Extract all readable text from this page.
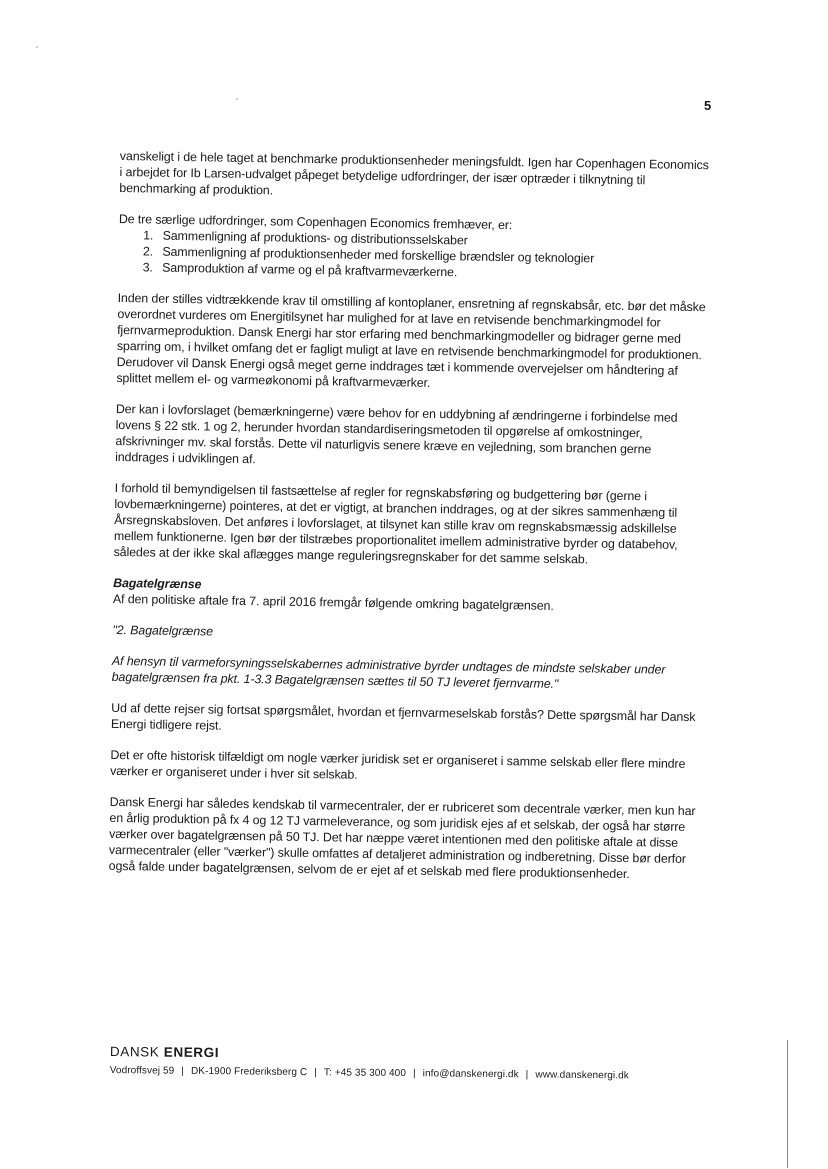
5

vanskeligt i de hele taget at benchmarke produktionsenheder meningsfuldt. Igen har Copenhagen Economics i arbejdet for Ib Larsen-udvalget påpeget betydelige udfordringer, der især optræder i tilknytning til benchmarking af produktion.

De tre særlige udfordringer, som Copenhagen Economics fremhæver, er:

1. Sammenligning af produktions- og distributionsselskaber
2. Sammenligning af produktionsenheder med forskellige brændsler og teknologier
3. Samproduktion af varme og el på kraftvarmeværkerne.

Inden der stilles vidtrækkende krav til omstilling af kontoplaner, ensretning af regnskabsår, etc. bør det måske overordnet vurderes om Energitilsynet har mulighed for at lave en retvisende benchmarkingmodel for fjernvarmeproduktion. Dansk Energi har stor erfaring med benchmarkingmodeller og bidrager gerne med sparring om, i hvilket omfang det er fagligt muligt at lave en retvisende benchmarkingmodel for produktionen. Derudover vil Dansk Energi også meget gerne inddrages tæt i kommende overvejelser om håndtering af splittet mellem el- og varmeøkonomi på kraftvarmeværker.

Der kan i lovforslaget (bemærkningerne) være behov for en uddybning af ændringerne i forbindelse med lovens § 22 stk. 1 og 2, herunder hvordan standardiseringsmetoden til opgørelse af omkostninger, afskrivninger mv. skal forstås. Dette vil naturligvis senere kræve en vejledning, som branchen gerne inddrages i udviklingen af.

I forhold til bemyndigelsen til fastsættelse af regler for regnskabsføring og budgettering bør (gerne i lovbemærkningerne) pointeres, at det er vigtigt, at branchen inddrages, og at der sikres sammenhæng til Årsregnskabsloven. Det anføres i lovforslaget, at tilsynet kan stille krav om regnskabsmæssig adskillelse mellem funktionerne. Igen bør der tilstræbes proportionalitet imellem administrative byrder og databehov, således at der ikke skal aflægges mange reguleringsregnskaber for det samme selskab.

Bagatelgrænse

Af den politiske aftale fra 7. april 2016 fremgår følgende omkring bagatelgrænsen.

"2. Bagatelgrænse

Af hensyn til varmeforsyningsselskabernes administrative byrder undtages de mindste selskaber under bagatelgrænsen fra pkt. 1-3.3 Bagatelgrænsen sættes til 50 TJ leveret fjernvarme."

Ud af dette rejser sig fortsat spørgsmålet, hvordan et fjernvarmeselskab forstås? Dette spørgsmål har Dansk Energi tidligere rejst.

Det er ofte historisk tilfældigt om nogle værker juridisk set er organiseret i samme selskab eller flere mindre værker er organiseret under i hver sit selskab.

Dansk Energi har således kendskab til varmecentraler, der er rubriceret som decentrale værker, men kun har en årlig produktion på fx 4 og 12 TJ varmeleverance, og som juridisk ejes af et selskab, der også har større værker over bagatelgrænsen på 50 TJ. Det har næppe været intentionen med den politiske aftale at disse varmecentraler (eller "værker") skulle omfattes af detaljeret administration og indberetning. Disse bør derfor også falde under bagatelgrænsen, selvom de er ejet af et selskab med flere produktionsenheder.

DANSK ENERGI
Vodroffsvej 59 | DK-1900 Frederiksberg C | T: +45 35 300 400 | info@danskenergi.dk | www.danskenergi.dk
